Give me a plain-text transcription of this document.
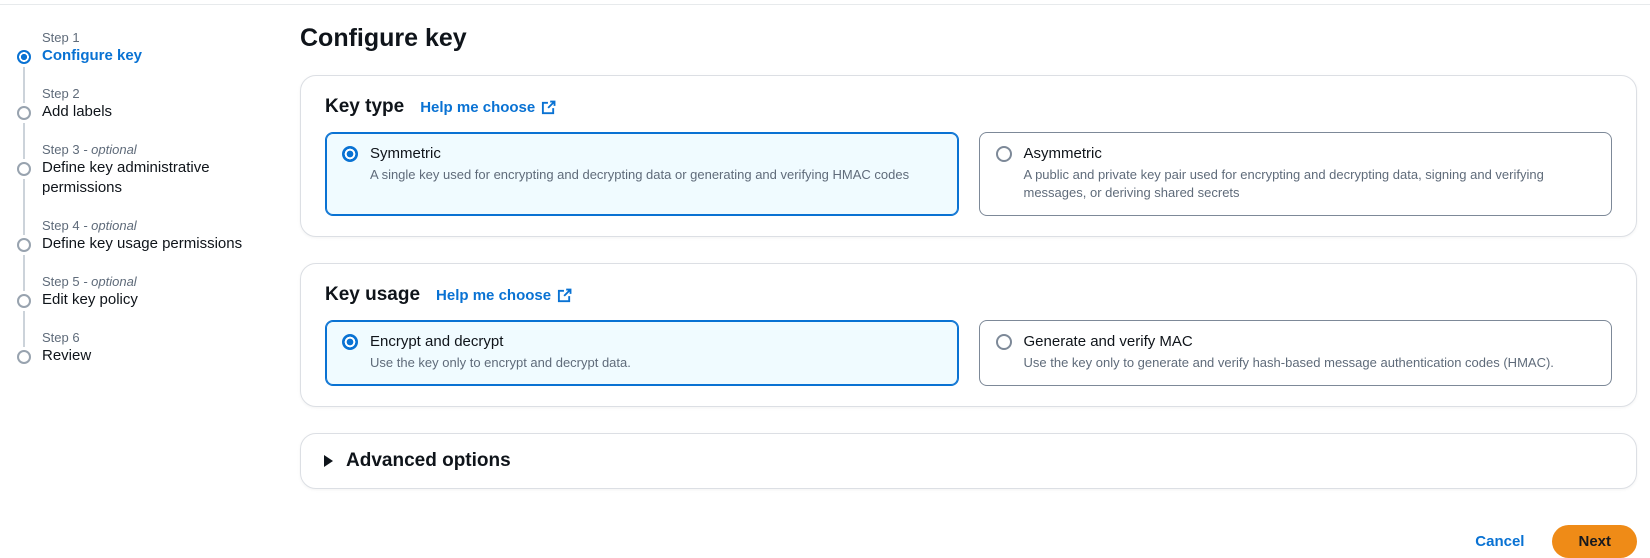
Step 1
Configure key
Step 2
Add labels
Step 3 - optional
Define key administrative permissions
Step 4 - optional
Define key usage permissions
Step 5 - optional
Edit key policy
Step 6
Review
Configure key
Key type Help me choose
Symmetric
A single key used for encrypting and decrypting data or generating and verifying HMAC codes
Asymmetric
A public and private key pair used for encrypting and decrypting data, signing and verifying messages, or deriving shared secrets
Key usage Help me choose
Encrypt and decrypt
Use the key only to encrypt and decrypt data.
Generate and verify MAC
Use the key only to generate and verify hash-based message authentication codes (HMAC).
Advanced options
Cancel	Next
